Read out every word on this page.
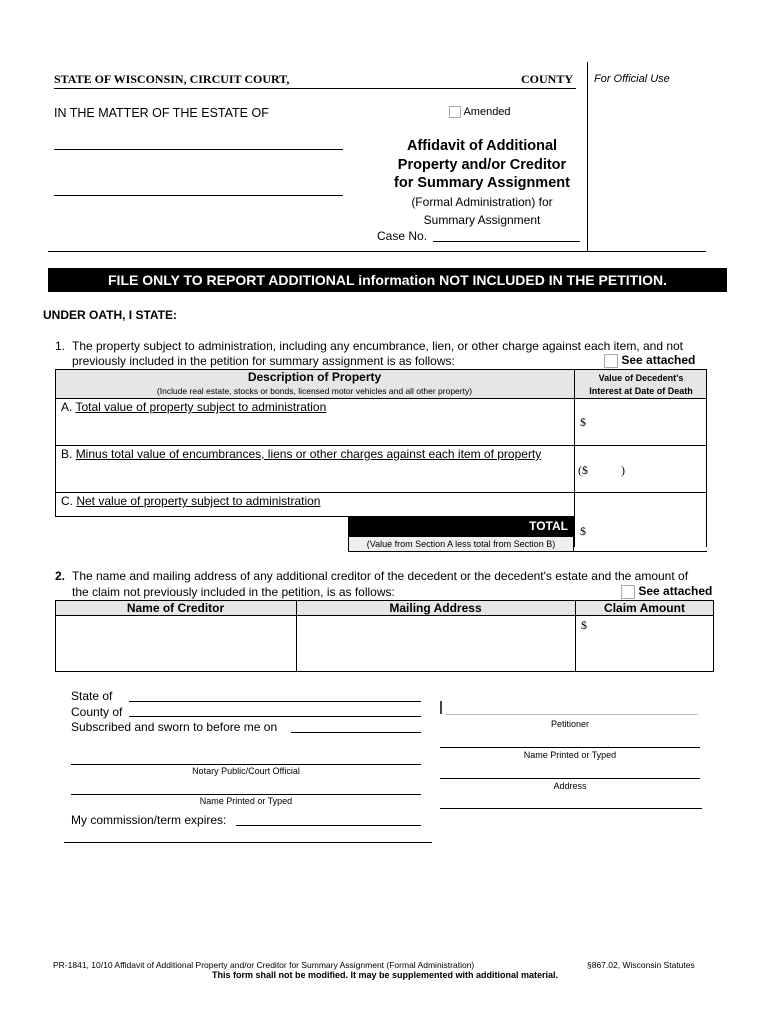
STATE OF WISCONSIN, CIRCUIT COURT,	COUNTY For Official Use
IN THE MATTER OF THE ESTATE OF	Amended
Affidavit of Additional
Property and/or Creditor
for Summary Assignment
(Formal Administration) for
Summary Assignment
Case No.
FILE ONLY TO REPORT ADDITIONAL information NOT INCLUDED IN THE PETITION.
UNDER OATH, I STATE:
1. The property subject to administration, including any encumbrance, lien, or other charge against each item, and not
previously included in the petition for summary assignment is as follows:	See attached
Description of Property
(Include real estate, stocks or bonds, licensed motor vehicles and all other property)
Value of Decedent's
Interest at Date of Death
A. Total value of property subject to administration
$
B. Minus total value of encumbrances, liens or other charges against each item of property
($	)
C. Net value of property subject to administration
TOTAL	$
(Value from Section A less total from Section B)
2. The name and mailing address of any additional creditor of the decedent or the decedent's estate and the amount of
the claim not previously included in the petition, is as follows:	See attached
Name of Creditor	Mailing Address	Claim Amount
$
State of
County of
Subscribed and sworn to before me on
Notary Public/Court Official
Name Printed or Typed
My commission/term expires:
Petitioner
Name Printed or Typed
Address
PR-1841, 10/10 Affidavit of Additional Property and/or Creditor for Summary Assignment (Formal Administration)	§867.02, Wisconsin Statutes
This form shall not be modified. It may be supplemented with additional material.
